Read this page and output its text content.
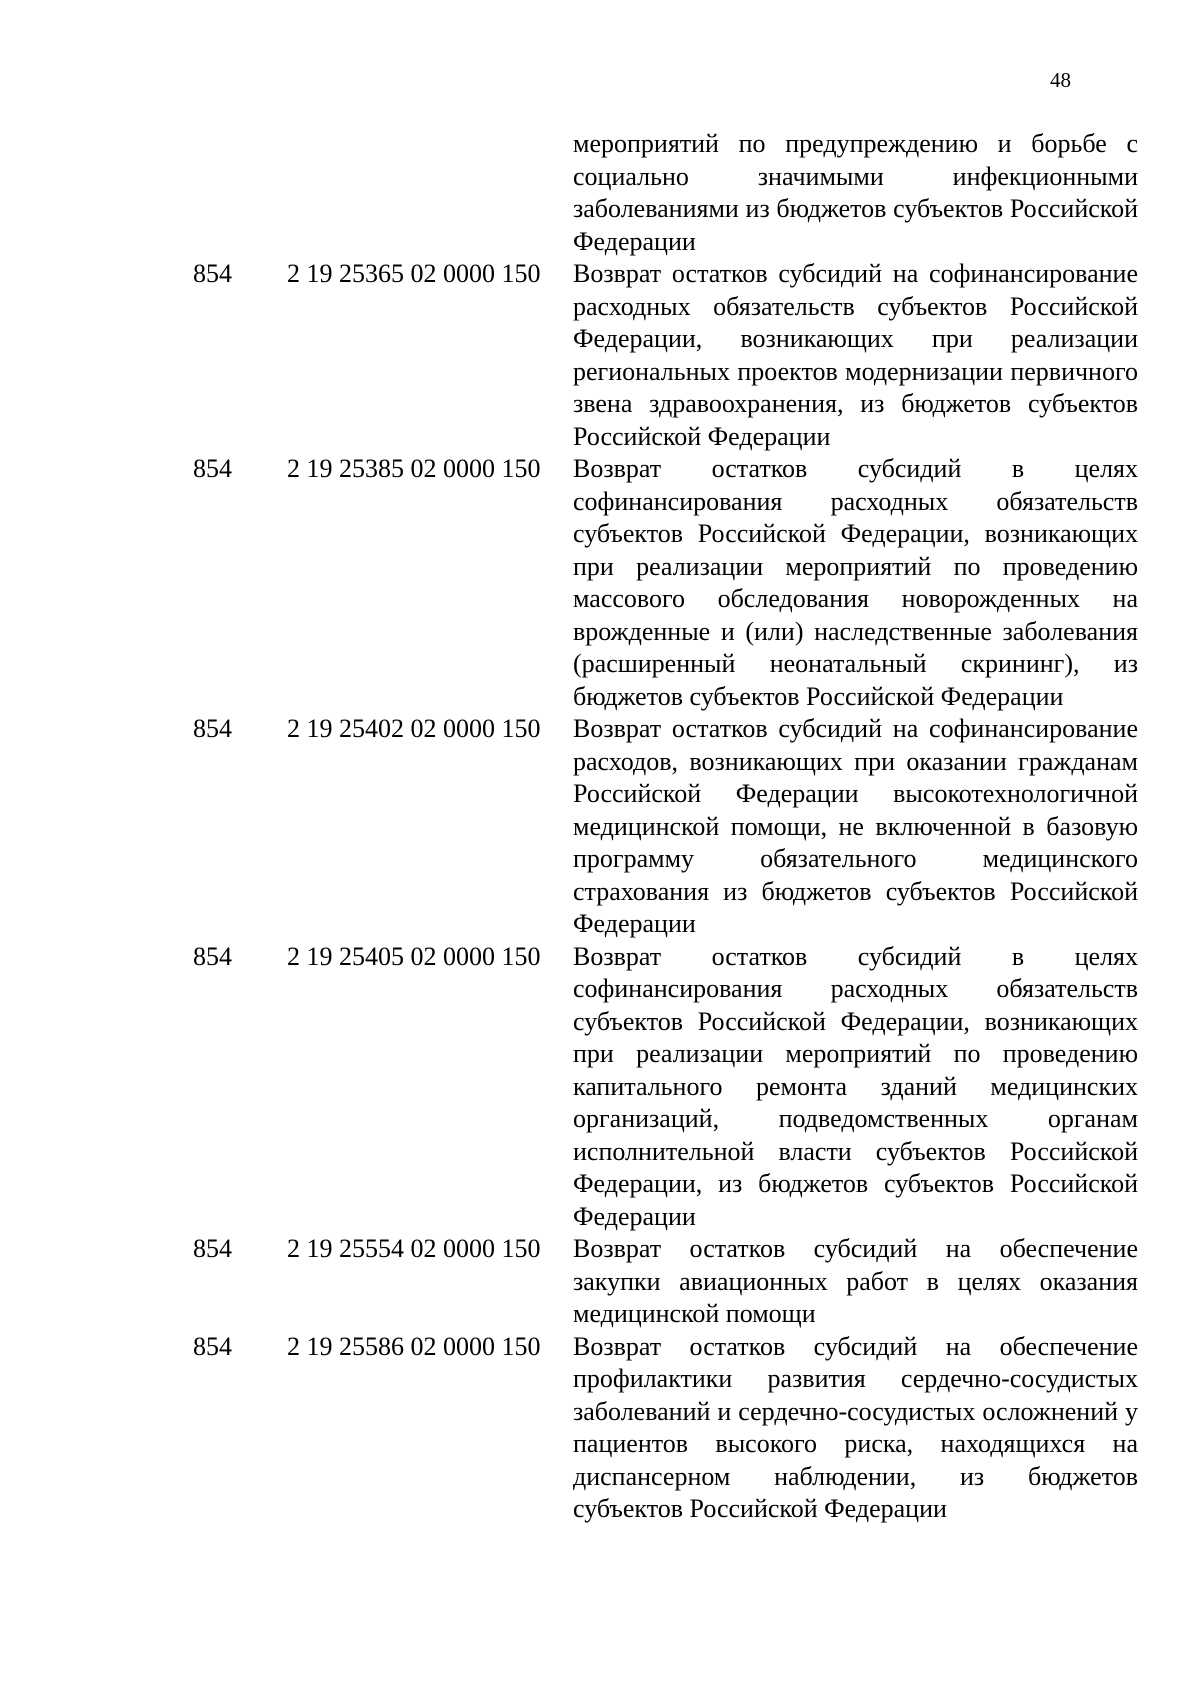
48
мероприятий по предупреждению и борьбе с социально значимыми инфекционными заболеваниями из бюджетов субъектов Российской Федерации
854	2 19 25365 02 0000 150	Возврат остатков субсидий на софинансирование расходных обязательств субъектов Российской Федерации, возникающих при реализации региональных проектов модернизации первичного звена здравоохранения, из бюджетов субъектов Российской Федерации
854	2 19 25385 02 0000 150	Возврат остатков субсидий в целях софинансирования расходных обязательств субъектов Российской Федерации, возникающих при реализации мероприятий по проведению массового обследования новорожденных на врожденные и (или) наследственные заболевания (расширенный неонатальный скрининг), из бюджетов субъектов Российской Федерации
854	2 19 25402 02 0000 150	Возврат остатков субсидий на софинансирование расходов, возникающих при оказании гражданам Российской Федерации высокотехнологичной медицинской помощи, не включенной в базовую программу обязательного медицинского страхования из бюджетов субъектов Российской Федерации
854	2 19 25405 02 0000 150	Возврат остатков субсидий в целях софинансирования расходных обязательств субъектов Российской Федерации, возникающих при реализации мероприятий по проведению капитального ремонта зданий медицинских организаций, подведомственных органам исполнительной власти субъектов Российской Федерации, из бюджетов субъектов Российской Федерации
854	2 19 25554 02 0000 150	Возврат остатков субсидий на обеспечение закупки авиационных работ в целях оказания медицинской помощи
854	2 19 25586 02 0000 150	Возврат остатков субсидий на обеспечение профилактики развития сердечно-сосудистых заболеваний и сердечно-сосудистых осложнений у пациентов высокого риска, находящихся на диспансерном наблюдении, из бюджетов субъектов Российской Федерации
